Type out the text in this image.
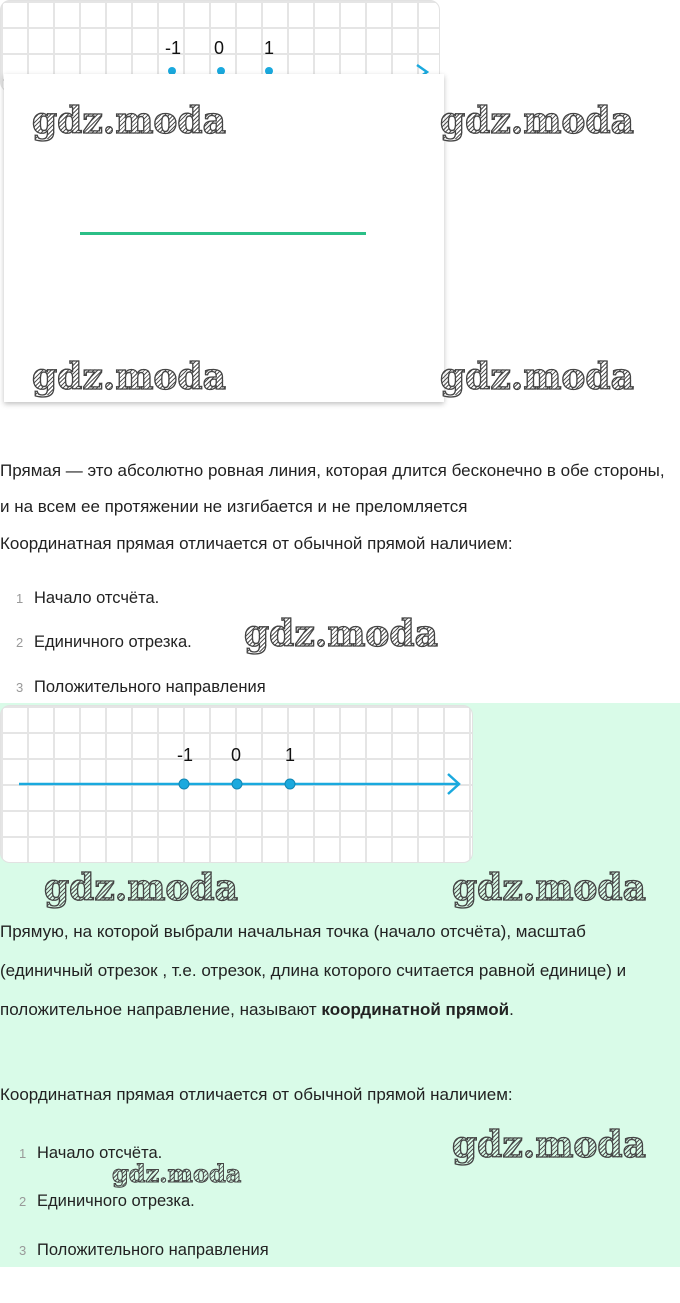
-1 0 1
gdz.moda	gdz.moda
gdz.moda	gdz.moda
Прямая — это абсолютно ровная линия, которая длится бесконечно в обе стороны, и на всем ее протяжении не изгибается и не преломляется
Координатная прямая отличается от обычной прямой наличием:
1 Начало отсчёта.
2 Единичного отрезка. gdz.moda
3 Положительного направления
-1 0 1
gdz.moda	gdz.moda
Прямую, на которой выбрали начальная точка (начало отсчёта), масштаб (единичный отрезок , т.е. отрезок, длина которого считается равной единице) и положительное направление, называют координатной прямой.
Координатная прямая отличается от обычной прямой наличием:
1 Начало отсчёта.	gdz.moda
gdz.moda
2 Единичного отрезка.
3 Положительного направления
